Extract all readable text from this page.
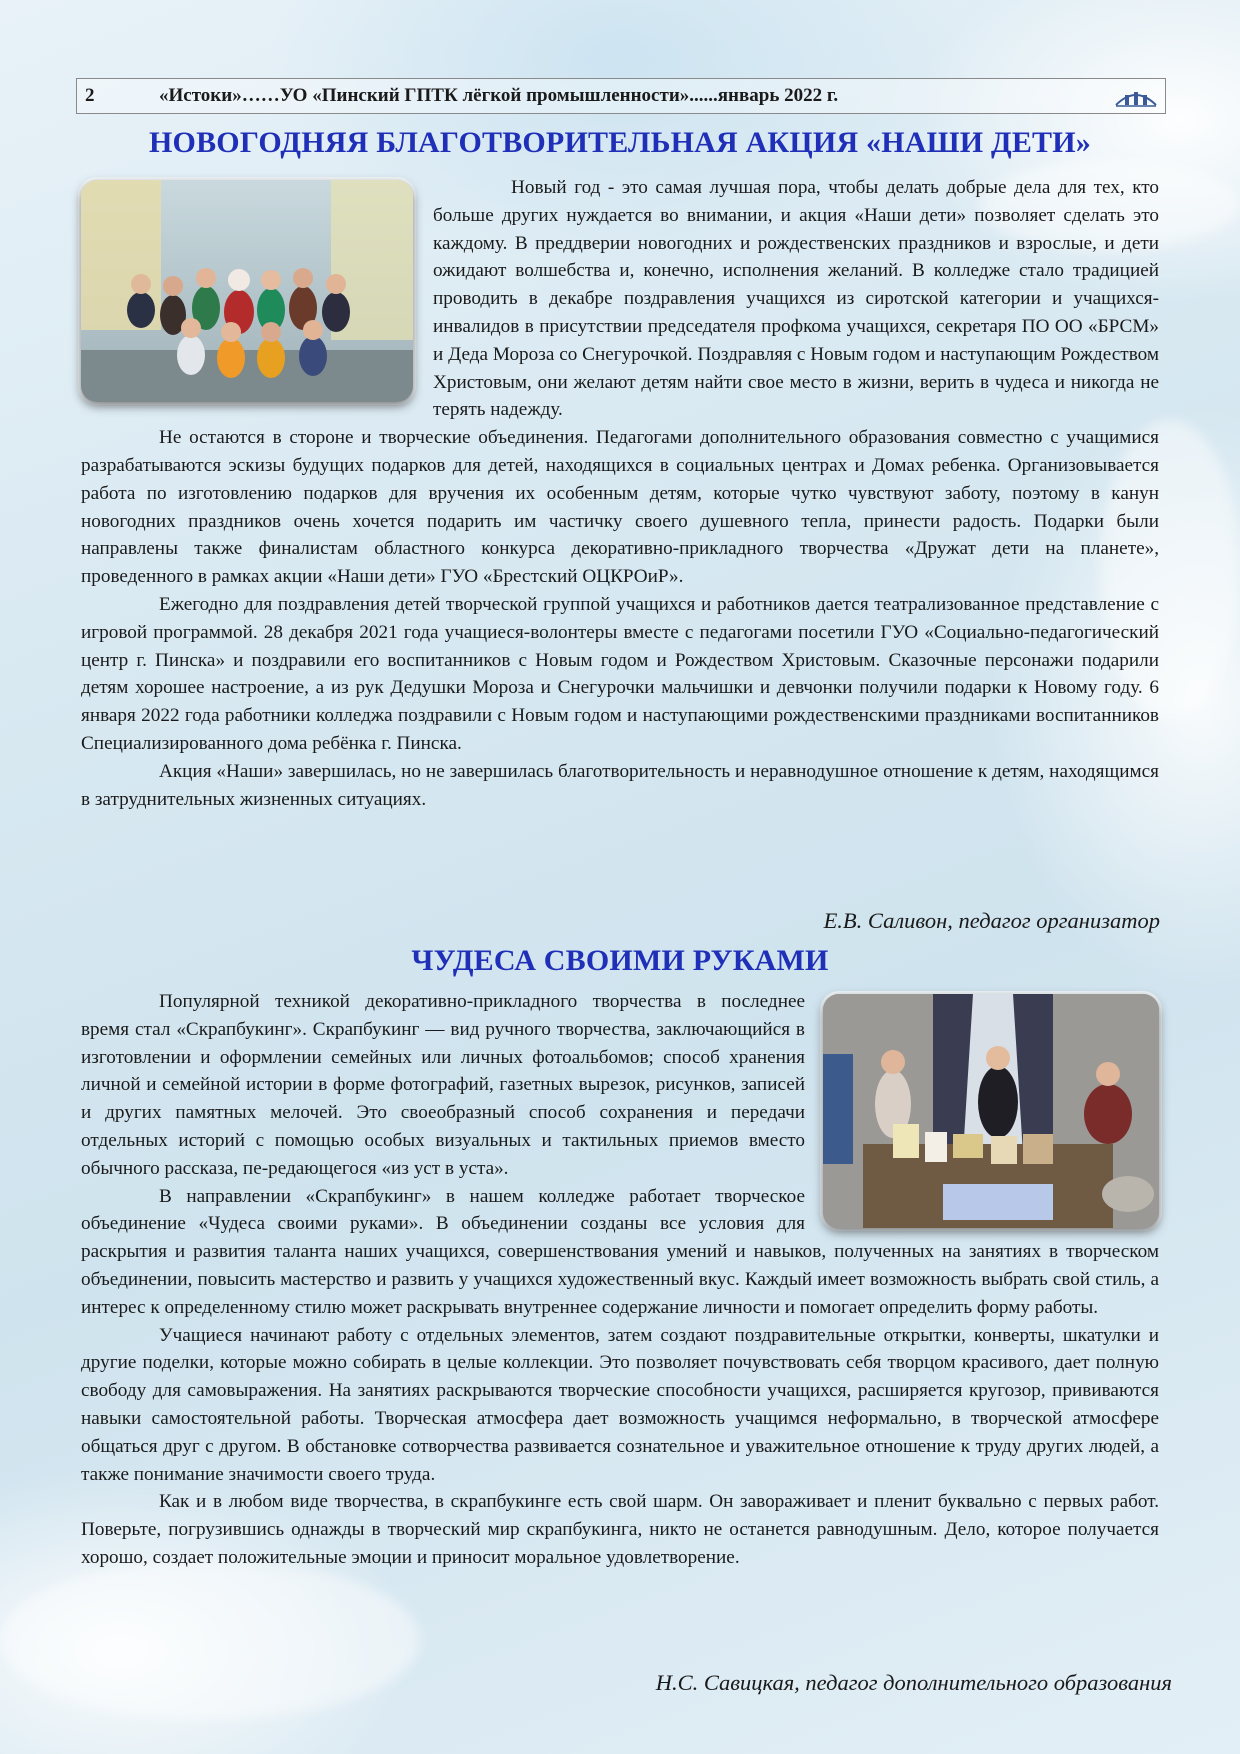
2	«Истоки»……УО «Пинский ГПТК лёгкой промышленности»......январь 2022 г.
НОВОГОДНЯЯ БЛАГОТВОРИТЕЛЬНАЯ АКЦИЯ «НАШИ ДЕТИ»

Новый год - это самая лучшая пора, чтобы делать добрые дела для тех, кто больше других нуждается во внимании, и акция «Наши дети» позволяет сделать это каждому. В преддверии новогодних и рождественских праздников и взрослые, и дети ожидают волшебства и, конечно, исполнения желаний. В колледже стало традицией проводить в декабре поздравления учащихся из сиротской категории и учащихся-инвалидов в присутствии председателя профкома учащихся, секретаря ПО ОО «БРСМ» и Деда Мороза со Снегурочкой. Поздравляя с Новым годом и наступающим Рождеством Христовым, они желают детям найти свое место в жизни, верить в чудеса и никогда не терять надежду.

Не остаются в стороне и творческие объединения. Педагогами дополнительного образования совместно с учащимися разрабатываются эскизы будущих подарков для детей, находящихся в социальных центрах и Домах ребенка. Организовывается работа по изготовлению подарков для вручения их особенным детям, которые чутко чувствуют заботу, поэтому в канун новогодних праздников очень хочется подарить им частичку своего душевного тепла, принести радость. Подарки были направлены также финалистам областного конкурса декоративно-прикладного творчества «Дружат дети на планете», проведенного в рамках акции «Наши дети» ГУО «Брестский ОЦКРОиР».

Ежегодно для поздравления детей творческой группой учащихся и работников дается театрализованное представление с игровой программой. 28 декабря 2021 года учащиеся-волонтеры вместе с педагогами посетили ГУО «Социально-педагогический центр г. Пинска» и поздравили его воспитанников с Новым годом и Рождеством Христовым. Сказочные персонажи подарили детям хорошее настроение, а из рук Дедушки Мороза и Снегурочки мальчишки и девчонки получили подарки к Новому году. 6 января 2022 года работники колледжа поздравили с Новым годом и наступающими рождественскими праздниками воспитанников Специализированного дома ребёнка г. Пинска.

Акция «Наши» завершилась, но не завершилась благотворительность и неравнодушное отношение к детям, находящимся в затруднительных жизненных ситуациях.

Е.В. Саливон, педагог организатор
ЧУДЕСА СВОИМИ РУКАМИ

Популярной техникой декоративно-прикладного творчества в последнее время стал «Скрапбукинг». Скрапбукинг — вид ручного творчества, заключающийся в изготовлении и оформлении семейных или личных фотоальбомов; способ хранения личной и семейной истории в форме фотографий, газетных вырезок, рисунков, записей и других памятных мелочей. Это своеобразный способ сохранения и передачи отдельных историй с помощью особых визуальных и тактильных приемов вместо обычного рассказа, пе-редающегося «из уст в уста».

В направлении «Скрапбукинг» в нашем колледже работает творческое объединение «Чудеса своими руками». В объединении созданы все условия для раскрытия и развития таланта наших учащихся, совершенствования умений и навыков, полученных на занятиях в творческом объединении, повысить мастерство и развить у учащихся художественный вкус. Каждый имеет возможность выбрать свой стиль, а интерес к определенному стилю может раскрывать внутреннее содержание личности и помогает определить форму работы.

Учащиеся начинают работу с отдельных элементов, затем создают поздравительные открытки, конверты, шкатулки и другие поделки, которые можно собирать в целые коллекции. Это позволяет почувствовать себя творцом красивого, дает полную свободу для самовыражения. На занятиях раскрываются творческие способности учащихся, расширяется кругозор, прививаются навыки самостоятельной работы. Творческая атмосфера дает возможность учащимся неформально, в творческой атмосфере общаться друг с другом. В обстановке сотворчества развивается сознательное и уважительное отношение к труду других людей, а также понимание значимости своего труда.

Как и в любом виде творчества, в скрапбукинге есть свой шарм. Он завораживает и пленит буквально с первых работ. Поверьте, погрузившись однажды в творческий мир скрапбукинга, никто не останется равнодушным. Дело, которое получается хорошо, создает положительные эмоции и приносит моральное удовлетворение.

Н.С. Савицкая, педагог дополнительного образования
